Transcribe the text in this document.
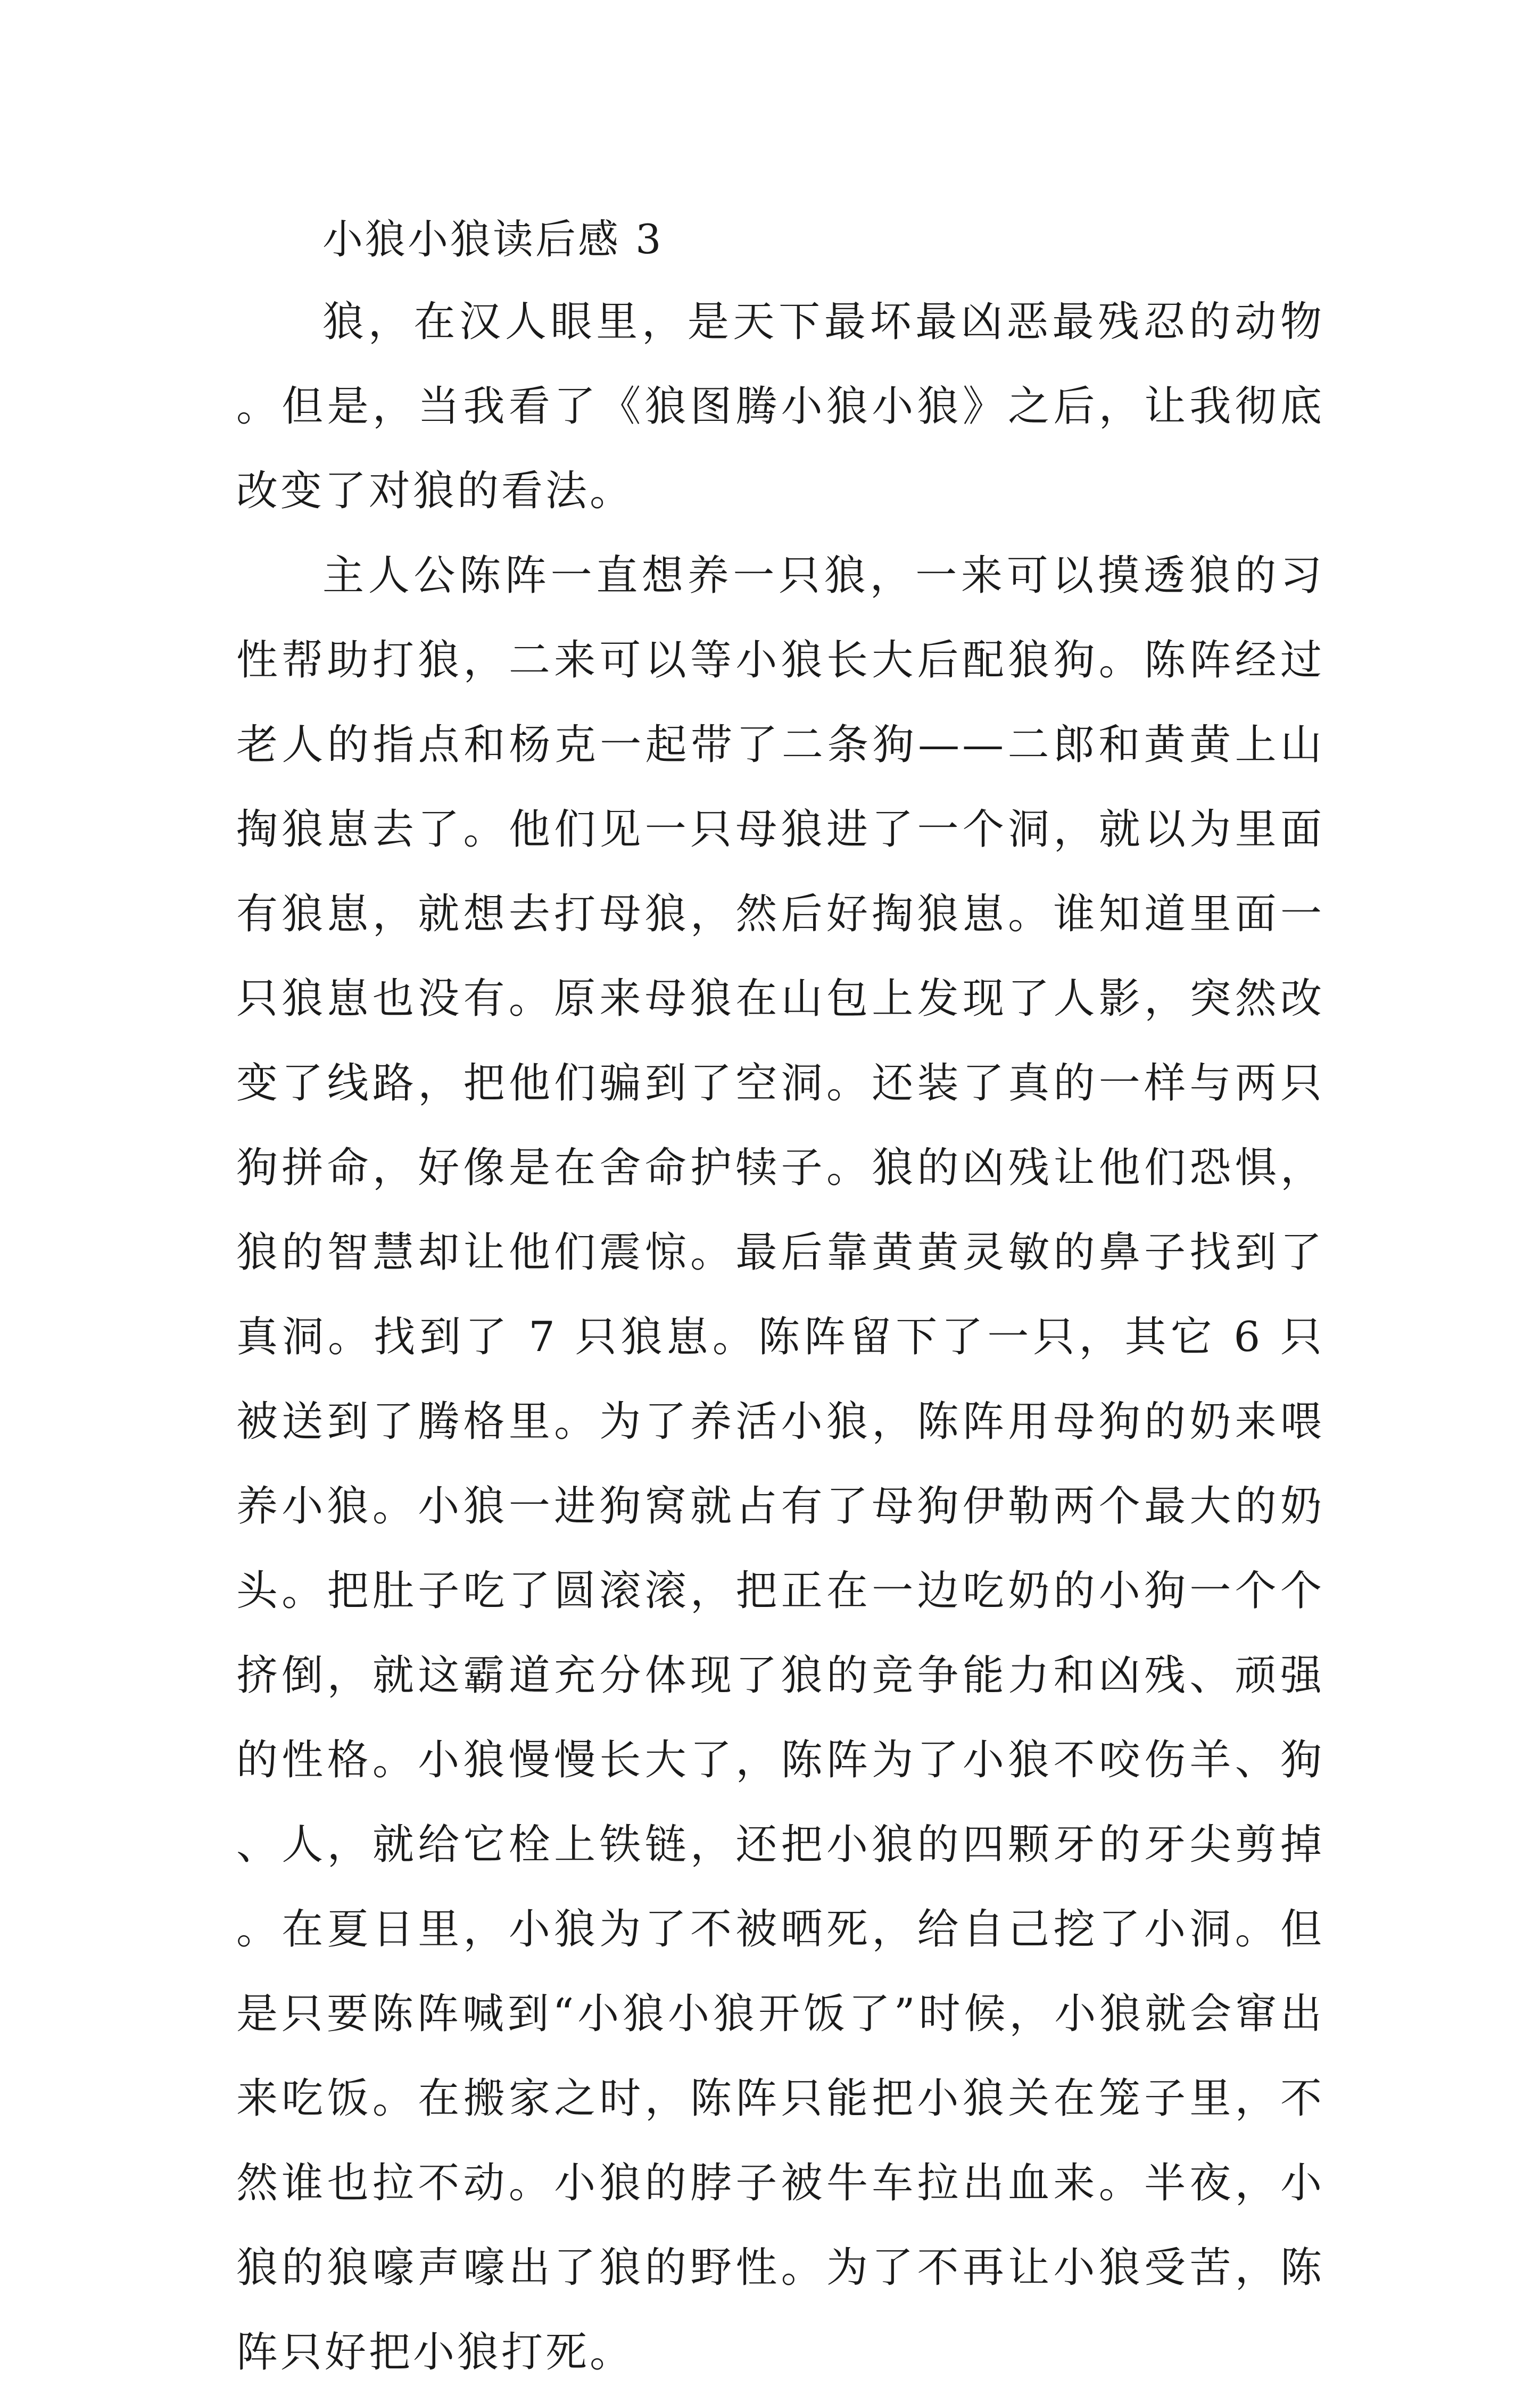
小狼小狼读后感 3

狼，在汉人眼里，是天下最坏最凶恶最残忍的动物。但是，当我看了《狼图腾小狼小狼》之后，让我彻底改变了对狼的看法。

主人公陈阵一直想养一只狼，一来可以摸透狼的习性帮助打狼，二来可以等小狼长大后配狼狗。陈阵经过老人的指点和杨克一起带了二条狗——二郎和黄黄上山掏狼崽去了。他们见一只母狼进了一个洞，就以为里面有狼崽，就想去打母狼，然后好掏狼崽。谁知道里面一只狼崽也没有。原来母狼在山包上发现了人影，突然改变了线路，把他们骗到了空洞。还装了真的一样与两只狗拼命，好像是在舍命护犊子。狼的凶残让他们恐惧，狼的智慧却让他们震惊。最后靠黄黄灵敏的鼻子找到了真洞。找到了 7 只狼崽。陈阵留下了一只，其它 6 只被送到了腾格里。为了养活小狼，陈阵用母狗的奶来喂养小狼。小狼一进狗窝就占有了母狗伊勒两个最大的奶头。把肚子吃了圆滚滚，把正在一边吃奶的小狗一个个挤倒，就这霸道充分体现了狼的竞争能力和凶残、顽强的性格。小狼慢慢长大了，陈阵为了小狼不咬伤羊、狗、人，就给它栓上铁链，还把小狼的四颗牙的牙尖剪掉。在夏日里，小狼为了不被晒死，给自己挖了小洞。但是只要陈阵喊到“小狼小狼开饭了”时候，小狼就会窜出来吃饭。在搬家之时，陈阵只能把小狼关在笼子里，不然谁也拉不动。小狼的脖子被牛车拉出血来。半夜，小狼的狼嚎声嚎出了狼的野性。为了不再让小狼受苦，陈阵只好把小狼打死。
